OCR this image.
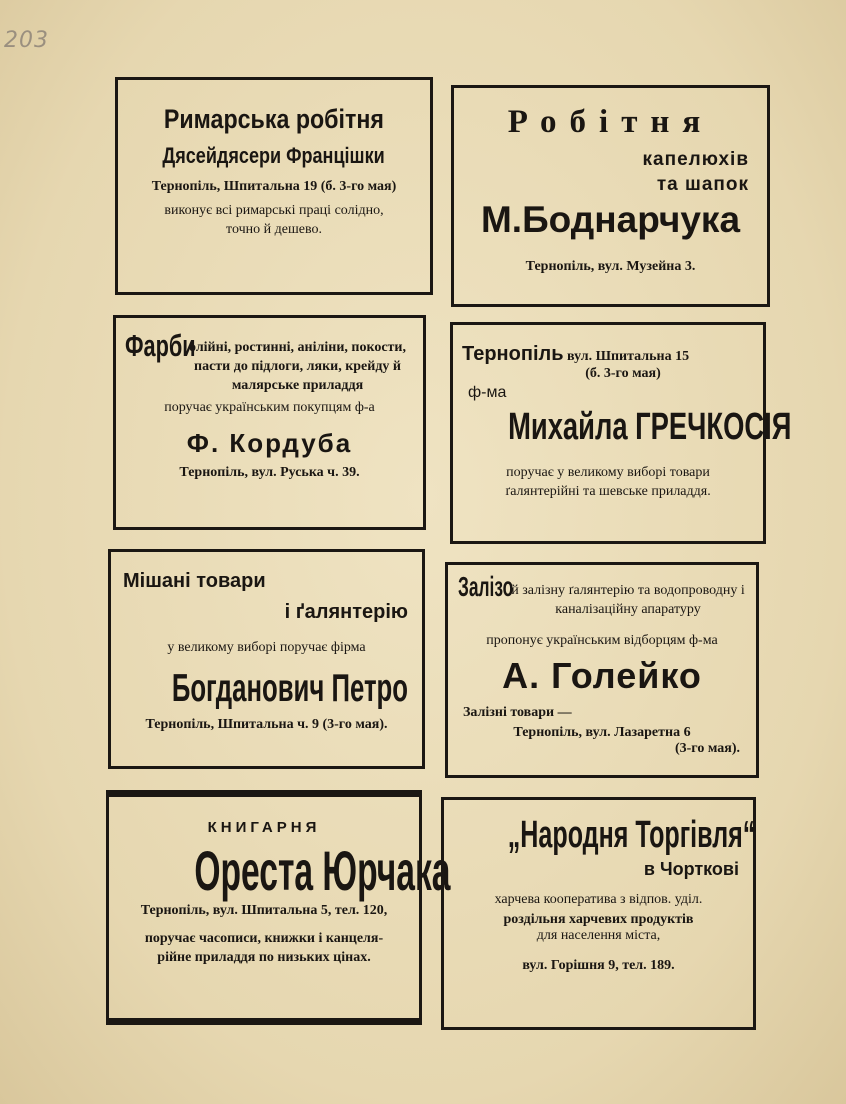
203
Римарська робітня
Дясейдясери Францішки
Тернопіль, Шпитальна 19 (б. 3-го мая)
виконує всі римарські праці солідно,
точно й дешево.
Робітня
капелюхів
та шапок
М.Боднарчука
Тернопіль, вул. Музейна 3.
Фарби
олійні, ростинні, аніліни, покости, пасти до підлоги, ляки, крейду й малярське приладдя
поручає українським покупцям ф-а
Ф. Кордуба
Тернопіль, вул. Руська ч. 39.
Тернопіль вул. Шпитальна 15
(б. 3-го мая)
ф-ма
Михайла ГРЕЧКОСІЯ
поручає у великому виборі товари
ґалянтерійні та шевське приладдя.
Мішані товари
і ґалянтерію
у великому виборі поручає фірма
Богданович Петро
Тернопіль, Шпитальна ч. 9 (3-го мая).
Залізо
й залізну ґалянтерію та водопроводну і каналізаційну апаратуру
пропонує українським відборцям ф-ма
А. Голейко
Залізні товари —
Тернопіль, вул. Лазаретна 6
(3-го мая).
КНИГАРНЯ
Ореста Юрчака
Тернопіль, вул. Шпитальна 5, тел. 120,
поручає часописи, книжки і канцеля-
рійне приладдя по низьких цінах.
„Народня Торгівля“
в Чорткові
харчева кооператива з відпов. уділ.
роздільня харчевих продуктів
для населення міста,
вул. Горішня 9, тел. 189.
